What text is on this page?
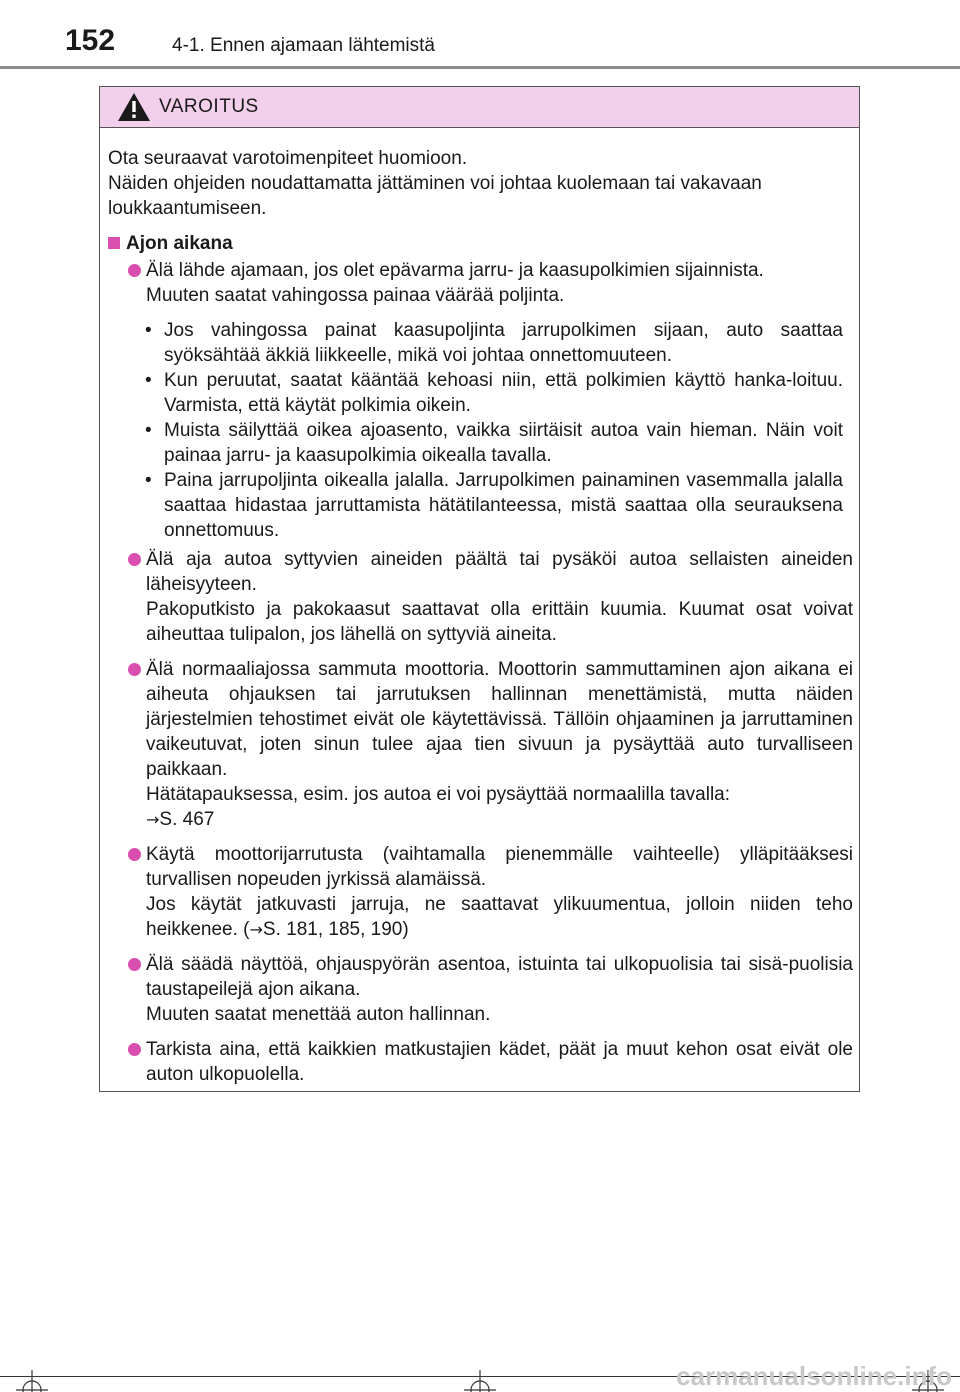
152	4-1. Ennen ajamaan lähtemistä
VAROITUS

Ota seuraavat varotoimenpiteet huomioon.

Näiden ohjeiden noudattamatta jättäminen voi johtaa kuolemaan tai vakavaan loukkaantumiseen.

Ajon aikana

Älä lähde ajamaan, jos olet epävarma jarru- ja kaasupolkimien sijainnista.

Muuten saatat vahingossa painaa väärää poljinta.

• Jos vahingossa painat kaasupoljinta jarrupolkimen sijaan, auto saattaa syöksähtää äkkiä liikkeelle, mikä voi johtaa onnettomuuteen.
• Kun peruutat, saatat kääntää kehoasi niin, että polkimien käyttö hanka-loituu. Varmista, että käytät polkimia oikein.
• Muista säilyttää oikea ajoasento, vaikka siirtäisit autoa vain hieman. Näin voit painaa jarru- ja kaasupolkimia oikealla tavalla.
• Paina jarrupoljinta oikealla jalalla. Jarrupolkimen painaminen vasemmalla jalalla saattaa hidastaa jarruttamista hätätilanteessa, mistä saattaa olla seurauksena onnettomuus.

Älä aja autoa syttyvien aineiden päältä tai pysäköi autoa sellaisten aineiden läheisyyteen.

Pakoputkisto ja pakokaasut saattavat olla erittäin kuumia. Kuumat osat voivat aiheuttaa tulipalon, jos lähellä on syttyviä aineita.

Älä normaaliajossa sammuta moottoria. Moottorin sammuttaminen ajon aikana ei aiheuta ohjauksen tai jarrutuksen hallinnan menettämistä, mutta näiden järjestelmien tehostimet eivät ole käytettävissä. Tällöin ohjaaminen ja jarruttaminen vaikeutuvat, joten sinun tulee ajaa tien sivuun ja pysäyttää auto turvalliseen paikkaan.

Hätätapauksessa, esim. jos autoa ei voi pysäyttää normaalilla tavalla:

→S. 467

Käytä moottorijarrutusta (vaihtamalla pienemmälle vaihteelle) ylläpitääksesi turvallisen nopeuden jyrkissä alamäissä.

Jos käytät jatkuvasti jarruja, ne saattavat ylikuumentua, jolloin niiden teho heikkenee. (→S. 181, 185, 190)

Älä säädä näyttöä, ohjauspyörän asentoa, istuinta tai ulkopuolisia tai sisä-puolisia taustapeilejä ajon aikana.

Muuten saatat menettää auton hallinnan.

Tarkista aina, että kaikkien matkustajien kädet, päät ja muut kehon osat eivät ole auton ulkopuolella.

carmanualsonline.info
